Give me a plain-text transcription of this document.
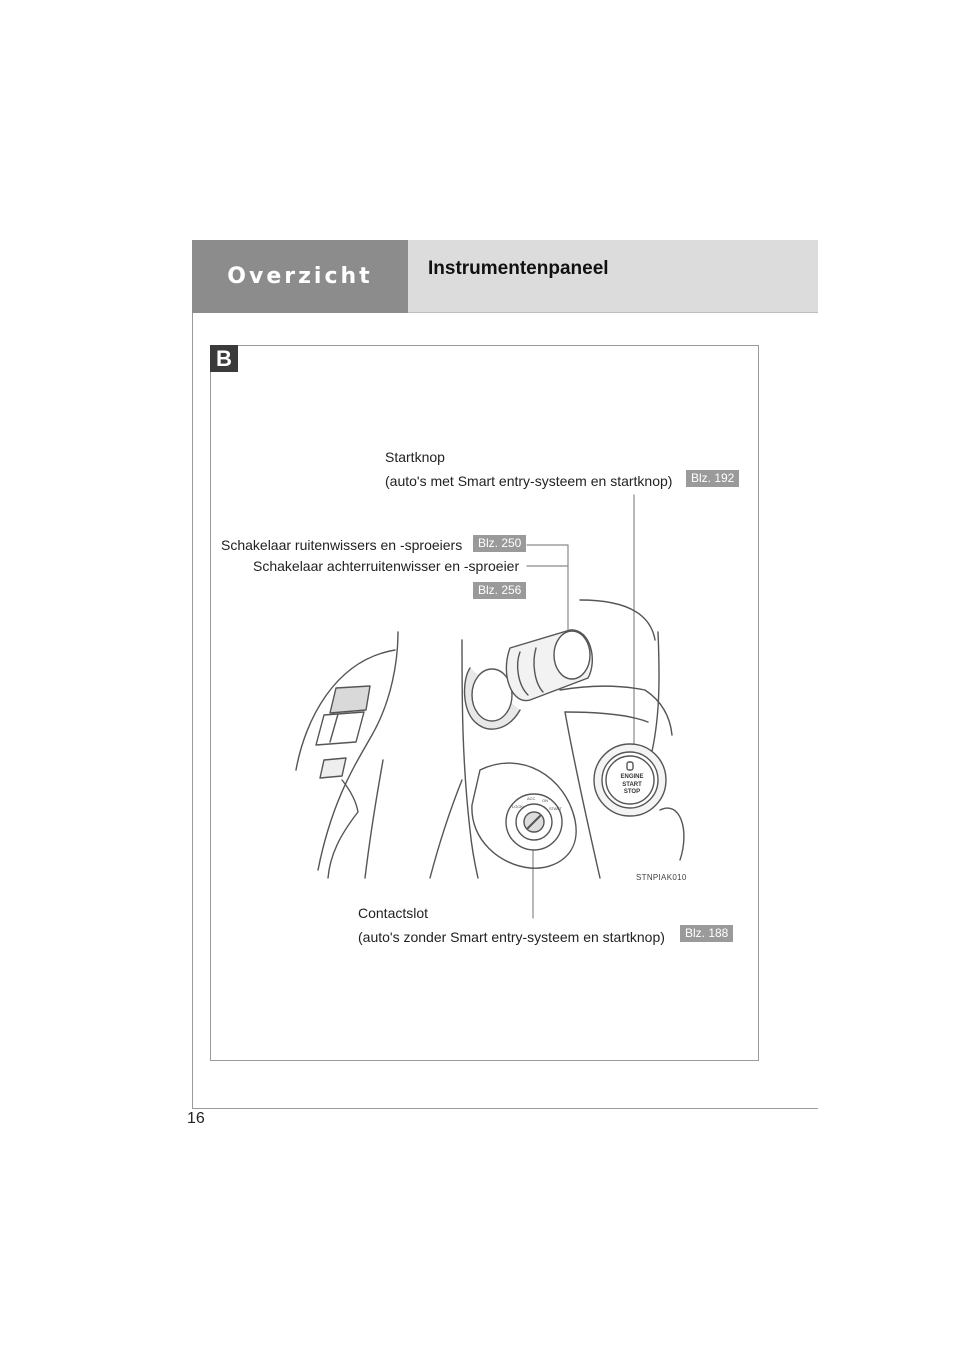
Overzicht	Instrumentenpaneel
B
Startknop
(auto's met Smart entry-systeem en startknop)	Blz. 192
Schakelaar ruitenwissers en -sproeiers	Blz. 250
Schakelaar achterruitenwisser en -sproeier
Blz. 256
Contactslot
(auto's zonder Smart entry-systeem en startknop)	Blz. 188
ENGINE
START
STOP
LOCK
ACC ON
START
STNPIAK010
16
